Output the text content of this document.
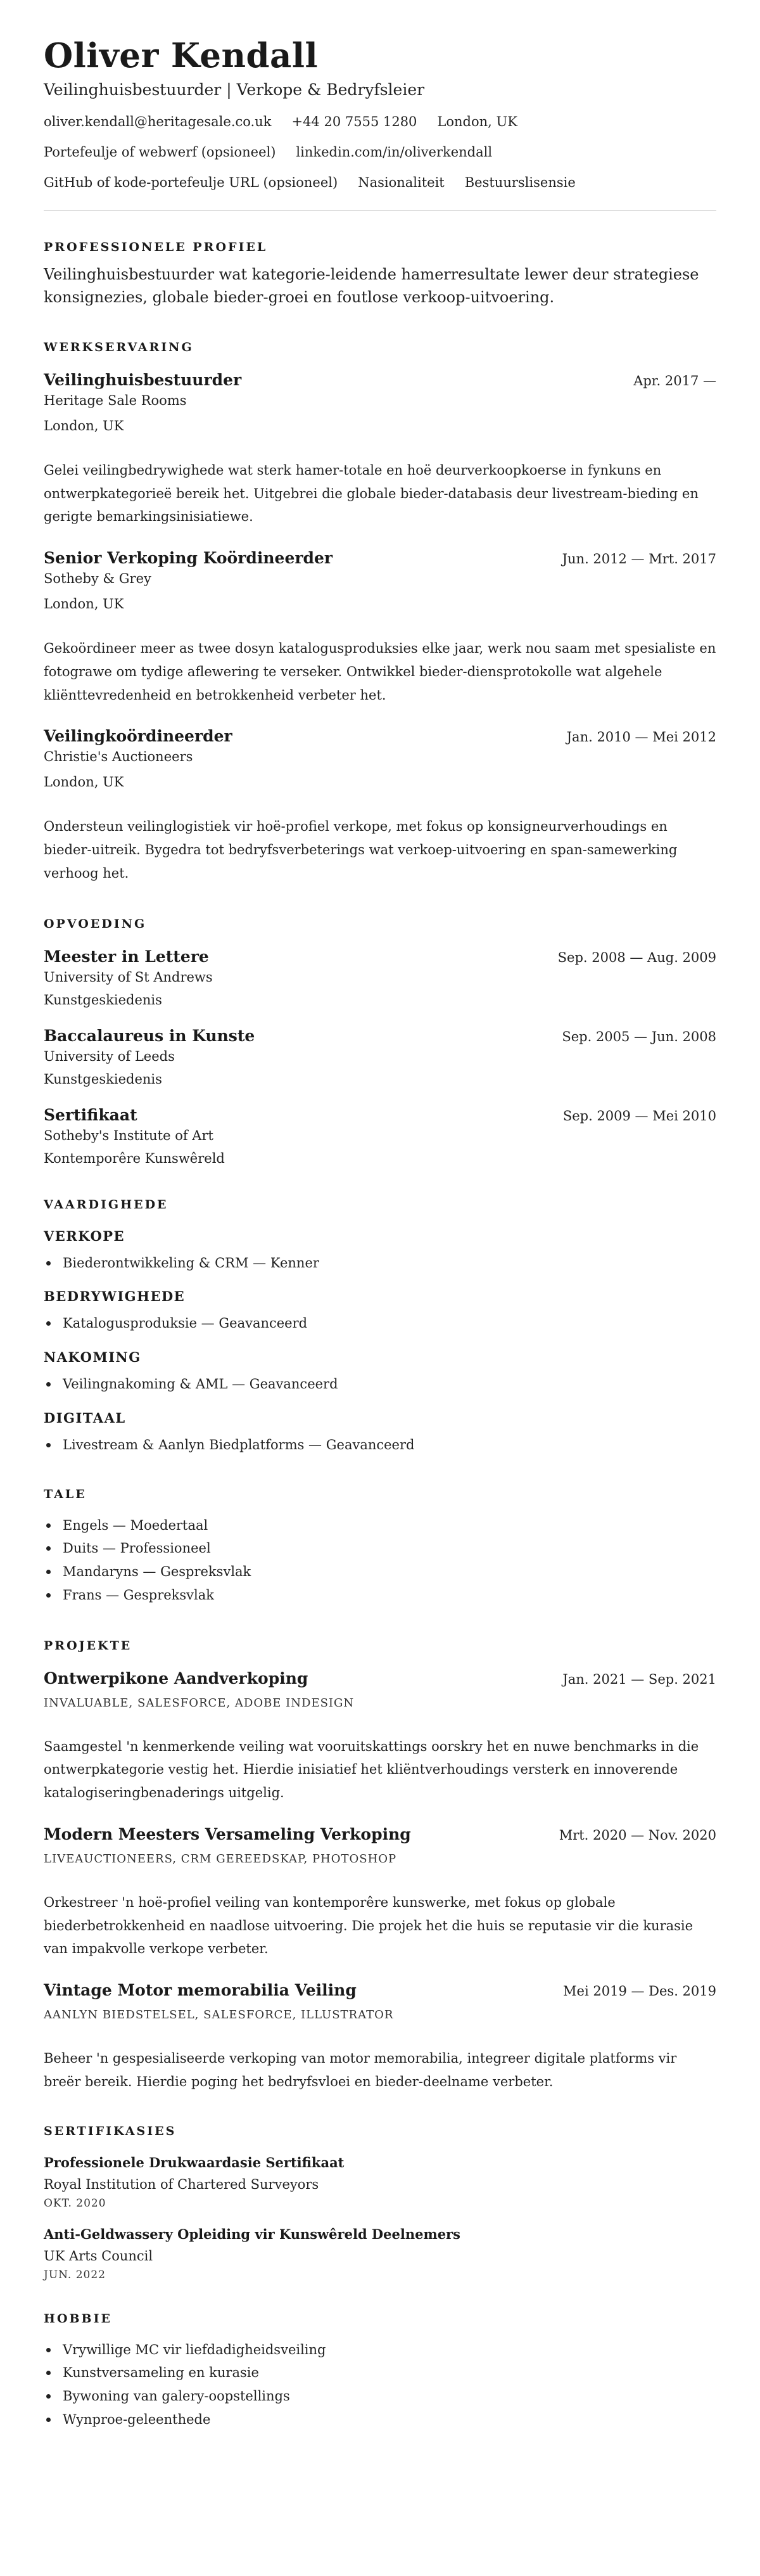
Oliver Kendall
Veilinghuisbestuurder | Verkope & Bedryfsleier
oliver.kendall@heritagesale.co.uk +44 20 7555 1280 London, UK
Portefeulje of webwerf (opsioneel) linkedin.com/in/oliverkendall
GitHub of kode-portefeulje URL (opsioneel) Nasionaliteit Bestuurslisensie
PROFESSIONELE PROFIEL
Veilinghuisbestuurder wat kategorie-leidende hamerresultate lewer deur strategiese konsignezies, globale bieder-groei en foutlose verkoop-uitvoering.
WERKSERVARING
Veilinghuisbestuurder	Apr. 2017 —
Heritage Sale Rooms
London, UK
Gelei veilingbedrywighede wat sterk hamer-totale en hoë deurverkoopkoerse in fynkuns en ontwerpkategorieë bereik het. Uitgebrei die globale bieder-databasis deur livestream-bieding en gerigte bemarkingsinisiatiewe.
Senior Verkoping Koördineerder	Jun. 2012 — Mrt. 2017
Sotheby & Grey
London, UK
Gekoördineer meer as twee dosyn katalogusproduksies elke jaar, werk nou saam met spesialiste en fotograwe om tydige aflewering te verseker. Ontwikkel bieder-diensprotokolle wat algehele kliënttevredenheid en betrokkenheid verbeter het.
Veilingkoördineerder	Jan. 2010 — Mei 2012
Christie's Auctioneers
London, UK
Ondersteun veilinglogistiek vir hoë-profiel verkope, met fokus op konsigneurverhoudings en bieder-uitreik. Bygedra tot bedryfsverbeterings wat verkoep-uitvoering en span-samewerking verhoog het.
OPVOEDING
Meester in Lettere	Sep. 2008 — Aug. 2009
University of St Andrews
Kunstgeskiedenis
Baccalaureus in Kunste	Sep. 2005 — Jun. 2008
University of Leeds
Kunstgeskiedenis
Sertifikaat	Sep. 2009 — Mei 2010
Sotheby's Institute of Art
Kontemporêre Kunswêreld
VAARDIGHEDE
VERKOPE
Biederontwikkeling & CRM — Kenner
BEDRYWIGHEDE
Katalogusproduksie — Geavanceerd
NAKOMING
Veilingnakoming & AML — Geavanceerd
DIGITAAL
Livestream & Aanlyn Biedplatforms — Geavanceerd
TALE
Engels — Moedertaal
Duits — Professioneel
Mandaryns — Gespreksvlak
Frans — Gespreksvlak
PROJEKTE
Ontwerpikone Aandverkoping	Jan. 2021 — Sep. 2021
INVALUABLE, SALESFORCE, ADOBE INDESIGN
Saamgestel 'n kenmerkende veiling wat vooruitskattings oorskry het en nuwe benchmarks in die ontwerpkategorie vestig het. Hierdie inisiatief het kliëntverhoudings versterk en innoverende katalogiseringbenaderings uitgelig.
Modern Meesters Versameling Verkoping	Mrt. 2020 — Nov. 2020
LIVEAUCTIONEERS, CRM GEREEDSKAP, PHOTOSHOP
Orkestreer 'n hoë-profiel veiling van kontemporêre kunswerke, met fokus op globale biederbetrokkenheid en naadlose uitvoering. Die projek het die huis se reputasie vir die kurasie van impakvolle verkope verbeter.
Vintage Motor memorabilia Veiling	Mei 2019 — Des. 2019
AANLYN BIEDSTELSEL, SALESFORCE, ILLUSTRATOR
Beheer 'n gespesialiseerde verkoping van motor memorabilia, integreer digitale platforms vir breër bereik. Hierdie poging het bedryfsvloei en bieder-deelname verbeter.
SERTIFIKASIES
Professionele Drukwaardasie Sertifikaat
Royal Institution of Chartered Surveyors
OKT. 2020
Anti-Geldwassery Opleiding vir Kunswêreld Deelnemers
UK Arts Council
JUN. 2022
HOBBIE
Vrywillige MC vir liefdadigheidsveiling
Kunstversameling en kurasie
Bywoning van galery-oopstellings
Wynproe-geleenthede
